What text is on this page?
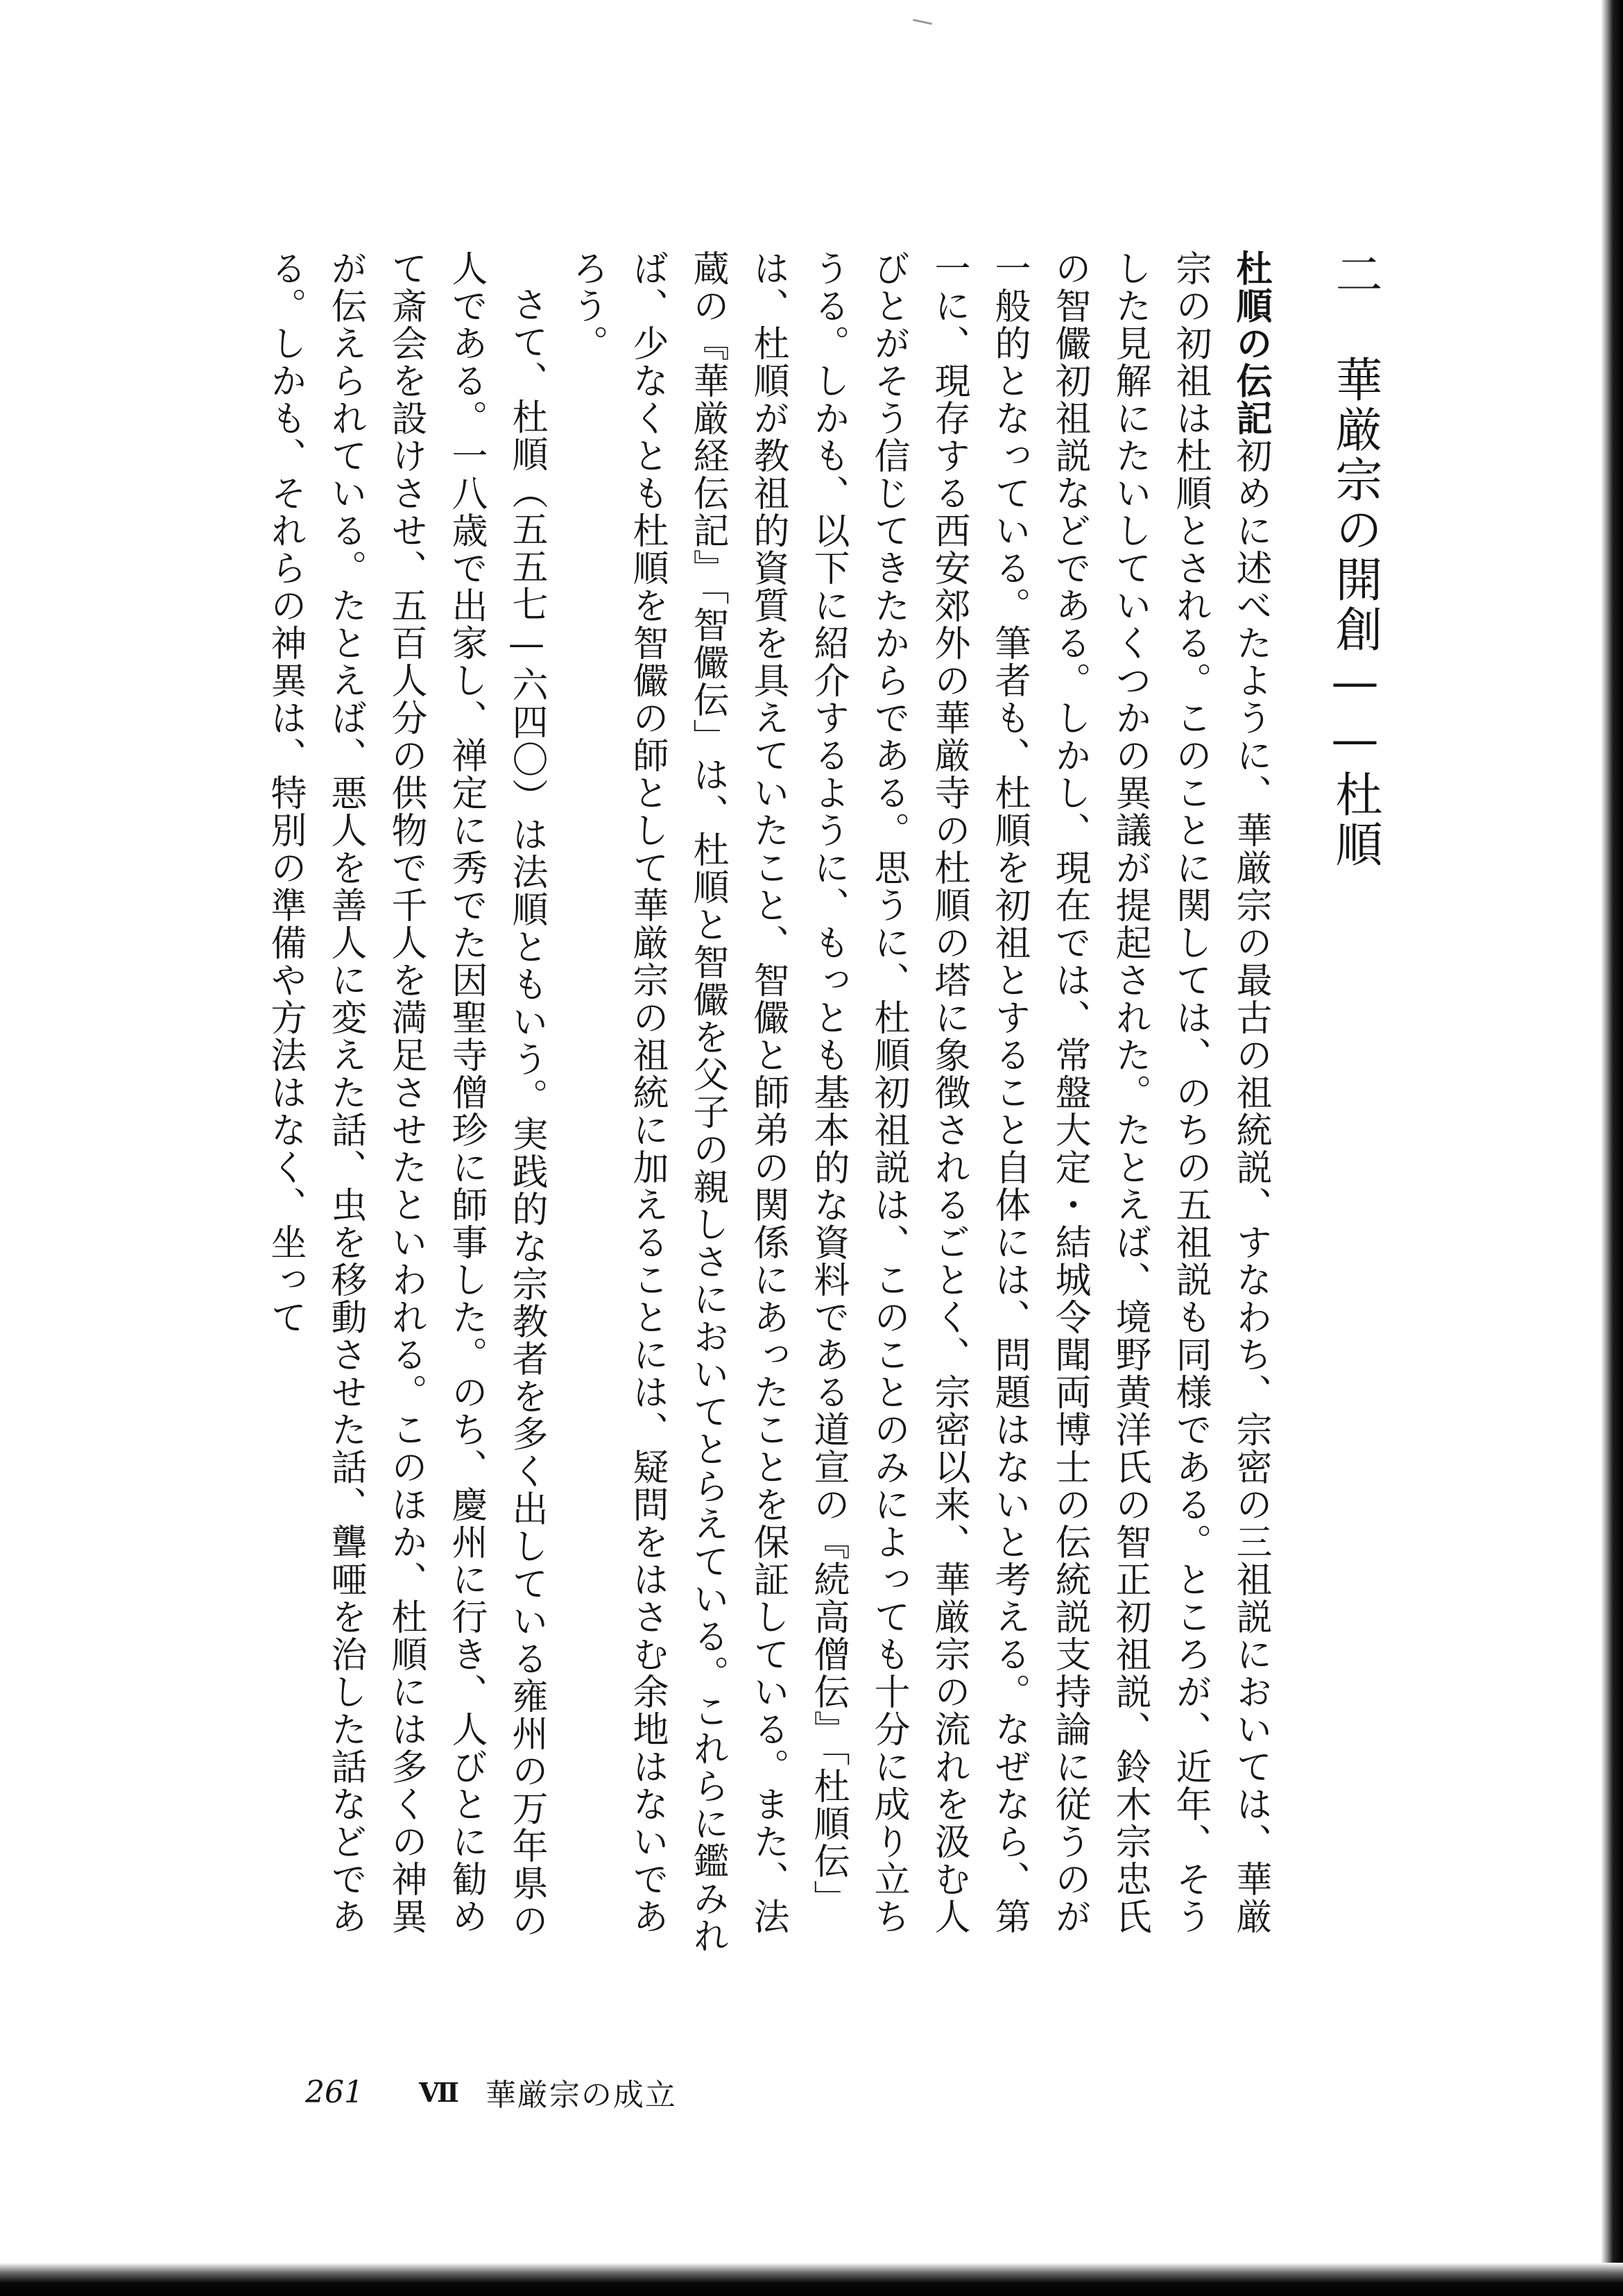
二華厳宗の開創——杜順

杜順の伝記初めに述べたように、華厳宗の最古の祖統説、すなわち、宗密の三祖説においては、華厳宗の初祖は杜順とされる。このことに関しては、のちの五祖説も同様である。ところが、近年、そうした見解にたいしていくつかの異議が提起された。たとえば、境野黄洋氏の智正初祖説、鈴木宗忠氏の智儼初祖説などである。しかし、現在では、常盤大定・結城令聞両博士の伝統説支持論に従うのが一般的となっている。筆者も、杜順を初祖とすること自体には、問題はないと考える。なぜなら、第一に、現存する西安郊外の華厳寺の杜順の塔に象徴されるごとく、宗密以来、華厳宗の流れを汲む人びとがそう信じてきたからである。思うに、杜順初祖説は、このことのみによっても十分に成り立ちうる。しかも、以下に紹介するように、もっとも基本的な資料である道宣の『続高僧伝』「杜順伝」は、杜順が教祖的資質を具えていたこと、智儼と師弟の関係にあったことを保証している。また、法蔵の『華厳経伝記』「智儼伝」は、杜順と智儼を父子の親しさにおいてとらえている。これらに鑑みれば、少なくとも杜順を智儼の師として華厳宗の祖統に加えることには、疑問をはさむ余地はないであろう。

さて、杜順（五五七—六四〇）は法順ともいう。実践的な宗教者を多く出している雍州の万年県の人である。一八歳で出家し、禅定に秀でた因聖寺僧珍に師事した。のち、慶州に行き、人びとに勧めて斎会を設けさせ、五百人分の供物で千人を満足させたといわれる。このほか、杜順には多くの神異が伝えられている。たとえば、悪人を善人に変えた話、虫を移動させた話、聾唖を治した話などである。しかも、それらの神異は、特別の準備や方法はなく、坐って

261 Ⅶ 華厳宗の成立
